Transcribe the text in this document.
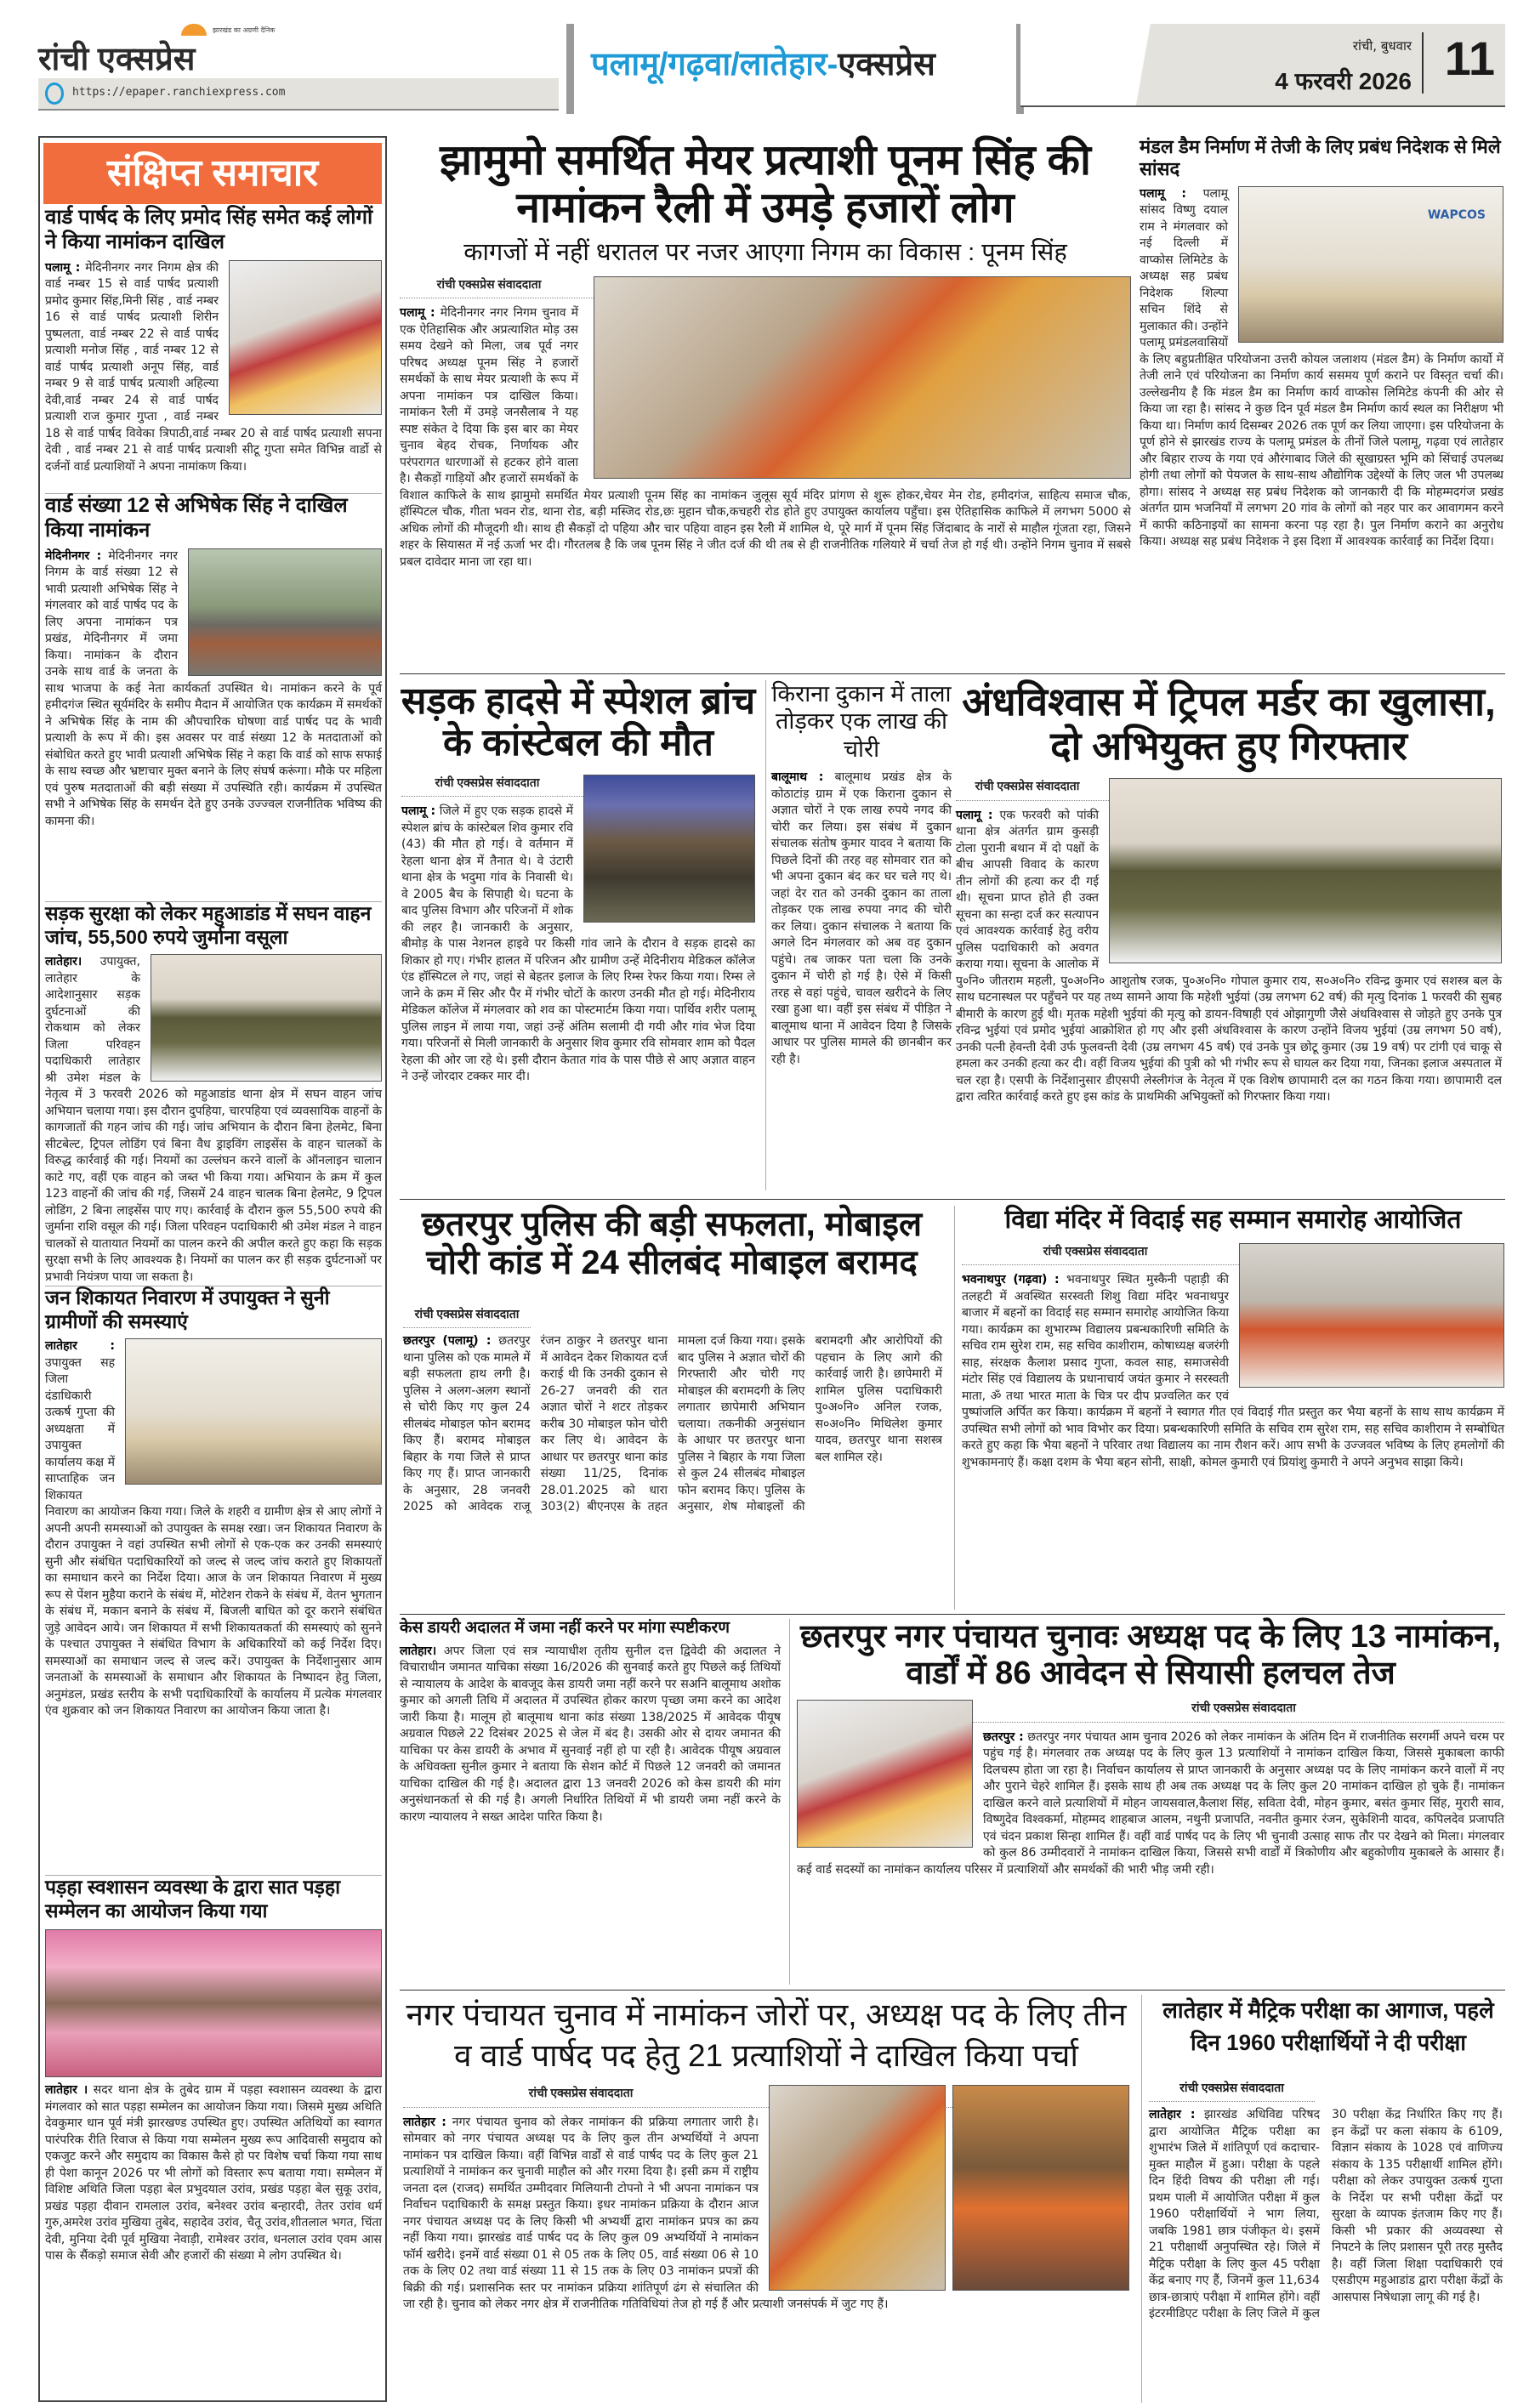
झारखंड का अग्रणी दैनिक
रांची एक्सप्रेस
https://epaper.ranchiexpress.com
पलामू/गढ़वा/लातेहार-एक्सप्रेस
रांची, बुधवार
4 फरवरी 2026 11
संक्षिप्त समाचार
वार्ड पार्षद के लिए प्रमोद सिंह समेत कई लोगों ने किया नामांकन दाखिल
पलामू : मेदिनीनगर नगर निगम क्षेत्र की वार्ड नम्बर 15 से वार्ड पार्षद प्रत्याशी प्रमोद कुमार सिंह,मिनी सिंह , वार्ड नम्बर 16 से वार्ड पार्षद प्रत्याशी शिरीन पुष्पलता, वार्ड नम्बर 22 से वार्ड पार्षद प्रत्याशी मनोज सिंह , वार्ड नम्बर 12 से वार्ड पार्षद प्रत्याशी अनूप सिंह, वार्ड नम्बर 9 से वार्ड पार्षद प्रत्याशी अहिल्या देवी,वार्ड नम्बर 24 से वार्ड पार्षद प्रत्याशी राज कुमार गुप्ता , वार्ड नम्बर 18 से वार्ड पार्षद विवेका त्रिपाठी,वार्ड नम्बर 20 से वार्ड पार्षद प्रत्याशी सपना देवी , वार्ड नम्बर 21 से वार्ड पार्षद प्रत्याशी सीटू गुप्ता समेत विभिन्न वार्डो से दर्जनों वार्ड प्रत्याशियों ने अपना नामांकण किया।
वार्ड संख्या 12 से अभिषेक सिंह ने दाखिल किया नामांकन
मेदिनीनगर : मेदिनीनगर नगर निगम के वार्ड संख्या 12 से भावी प्रत्याशी अभिषेक सिंह ने मंगलवार को वार्ड पार्षद पद के लिए अपना नामांकन पत्र प्रखंड, मेदिनीनगर में जमा किया। नामांकन के दौरान उनके साथ वार्ड के जनता के साथ भाजपा के कई नेता कार्यकर्ता उपस्थित थे। नामांकन करने के पूर्व हमीदगंज स्थित सूर्यमंदिर के समीप मैदान में आयोजित एक कार्यक्रम में समर्थकों ने अभिषेक सिंह के नाम की औपचारिक घोषणा वार्ड पार्षद पद के भावी प्रत्याशी के रूप में की। इस अवसर पर वार्ड संख्या 12 के मतदाताओं को संबोधित करते हुए भावी प्रत्याशी अभिषेक सिंह ने कहा कि वार्ड को साफ सफाई के साथ स्वच्छ और भ्रष्टाचार मुक्त बनाने के लिए संघर्ष करूंगा। मौके पर महिला एवं पुरुष मतदाताओं की बड़ी संख्या में उपस्थिति रही। कार्यक्रम में उपस्थित सभी ने अभिषेक सिंह के समर्थन देते हुए उनके उज्ज्वल राजनीतिक भविष्य की कामना की।
सड़क सुरक्षा को लेकर महुआडांड में सघन वाहन जांच, 55,500 रुपये जुर्माना वसूला
लातेहार। उपायुक्त, लातेहार के आदेशानुसार सड़क दुर्घटनाओं की रोकथाम को लेकर जिला परिवहन पदाधिकारी लातेहार श्री उमेश मंडल के नेतृत्व में 3 फरवरी 2026 को महुआडांड थाना क्षेत्र में सघन वाहन जांच अभियान चलाया गया। इस दौरान दुपहिया, चारपहिया एवं व्यवसायिक वाहनों के कागजातों की गहन जांच की गई। जांच अभियान के दौरान बिना हेलमेट, बिना सीटबेल्ट, ट्रिपल लोडिंग एवं बिना वैध ड्राइविंग लाइसेंस के वाहन चालकों के विरुद्ध कार्रवाई की गई। नियमों का उल्लंघन करने वालों के ऑनलाइन चालान काटे गए, वहीं एक वाहन को जब्त भी किया गया। अभियान के क्रम में कुल 123 वाहनों की जांच की गई, जिसमें 24 वाहन चालक बिना हेलमेट, 9 ट्रिपल लोडिंग, 2 बिना लाइसेंस पाए गए। कार्रवाई के दौरान कुल 55,500 रुपये की जुर्माना राशि वसूल की गई। जिला परिवहन पदाधिकारी श्री उमेश मंडल ने वाहन चालकों से यातायात नियमों का पालन करने की अपील करते हुए कहा कि सड़क सुरक्षा सभी के लिए आवश्यक है। नियमों का पालन कर ही सड़क दुर्घटनाओं पर प्रभावी नियंत्रण पाया जा सकता है।
जन शिकायत निवारण में उपायुक्त ने सुनी ग्रामीणों की समस्याएं
लातेहार : उपायुक्त सह जिला दंडाधिकारी उत्कर्ष गुप्ता की अध्यक्षता में उपायुक्त कार्यालय कक्ष में साप्ताहिक जन शिकायत निवारण का आयोजन किया गया। जिले के शहरी व ग्रामीण क्षेत्र से आए लोगों ने अपनी अपनी समस्याओं को उपायुक्त के समक्ष रखा। जन शिकायत निवारण के दौरान उपायुक्त ने वहां उपस्थित सभी लोगों से एक-एक कर उनकी समस्याएं सुनी और संबंधित पदाधिकारियों को जल्द से जल्द जांच कराते हुए शिकायतों का समाधान करने का निर्देश दिया। आज के जन शिकायत निवारण में मुख्य रूप से पेंशन मुहैया कराने के संबंध में, मोटेशन रोकने के संबंध में, वेतन भुगतान के संबंध में, मकान बनाने के संबंध में, बिजली बाधित को दूर कराने संबंधित जुड़े आवेदन आये। जन शिकायत में सभी शिकायतकर्ता की समस्याएं को सुनने के पश्चात उपायुक्त ने संबंधित विभाग के अधिकारियों को कई निर्देश दिए। समस्याओं का समाधान जल्द से जल्द करें। उपायुक्त के निर्देशानुसार आम जनताओं के समस्याओं के समाधान और शिकायत के निष्पादन हेतु जिला, अनुमंडल, प्रखंड स्तरीय के सभी पदाधिकारियों के कार्यालय में प्रत्येक मंगलवार एंव शुक्रवार को जन शिकायत निवारण का आयोजन किया जाता है।
पड़हा स्वशासन व्यवस्था के द्वारा सात पड़हा सम्मेलन का आयोजन किया गया
लातेहार । सदर थाना क्षेत्र के तुबेद ग्राम में पड़हा स्वशासन व्यवस्था के द्वारा मंगलवार को सात पड़हा सम्मेलन का आयोजन किया गया। जिसमे मुख्य अथिति देवकुमार धान पूर्व मंत्री झारखण्ड उपस्थित हुए। उपस्थित अतिथियों का स्वागत पारंपरिक रीति रिवाज से किया गया सम्मेलन मुख्य रूप आदिवासी समुदाय को एकजुट करने और समुदाय का विकास कैसे हो पर विशेष चर्चा किया गया साथ ही पेशा कानून 2026 पर भी लोगों को विस्तार रूप बताया गया। सम्मेलन में विशिष्ट अथिति जिला पड़हा बेल प्रभुदयाल उरांव, प्रखंड पड़हा बेल सुकू उरांव, प्रखंड पड़हा दीवान रामलाल उरांव, बनेश्वर उरांव बन्हारदी, तेतर उरांव धर्म गुरु,अमरेश उरांव मुखिया तुबेद, सहादेव उरांव, चैतू उरांव,शीतलाल भगत, चिंता देवी, मुनिया देवी पूर्व मुखिया नेवाड़ी, रामेश्वर उरांव, धनलाल उरांव एवम आस पास के सैंकड़ो समाज सेवी और हजारों की संख्या मे लोग उपस्थित थे।
झामुमो समर्थित मेयर प्रत्याशी पूनम सिंह की नामांकन रैली में उमड़े हजारों लोग
कागजों में नहीं धरातल पर नजर आएगा निगम का विकास : पूनम सिंह
रांची एक्सप्रेस संवाददाता
पलामू : मेदिनीनगर नगर निगम चुनाव में एक ऐतिहासिक और अप्रत्याशित मोड़ उस समय देखने को मिला, जब पूर्व नगर परिषद अध्यक्ष पूनम सिंह ने हजारों समर्थकों के साथ मेयर प्रत्याशी के रूप में अपना नामांकन पत्र दाखिल किया। नामांकन रैली में उमड़े जनसैलाब ने यह स्पष्ट संकेत दे दिया कि इस बार का मेयर चुनाव बेहद रोचक, निर्णायक और परंपरागत धारणाओं से हटकर होने वाला है। सैकड़ों गाड़ियों और हजारों समर्थकों के विशाल काफिले के साथ झामुमो समर्थित मेयर प्रत्याशी पूनम सिंह का नामांकन जुलूस सूर्य मंदिर प्रांगण से शुरू होकर,चेयर मेन रोड, हमीदगंज, साहित्य समाज चौक, हॉस्पिटल चौक, गीता भवन रोड, थाना रोड, बड़ी मस्जिद रोड,छः मुहान चौक,कचहरी रोड होते हुए उपायुक्त कार्यालय पहुँचा। इस ऐतिहासिक काफिले में लगभग 5000 से अधिक लोगों की मौजूदगी थी। साथ ही सैकड़ों दो पहिया और चार पहिया वाहन इस रैली में शामिल थे, पूरे मार्ग में पूनम सिंह जिंदाबाद के नारों से माहौल गूंजता रहा, जिसने शहर के सियासत में नई ऊर्जा भर दी। गौरतलब है कि जब पूनम सिंह ने जीत दर्ज की थी तब से ही राजनीतिक गलियारे में चर्चा तेज हो गई थी। उन्होंने निगम चुनाव में सबसे प्रबल दावेदार माना जा रहा था।
मंडल डैम निर्माण में तेजी के लिए प्रबंध निदेशक से मिले सांसद
WAPCOS
पलामू : पलामू सांसद विष्णु दयाल राम ने मंगलवार को नई दिल्ली में वाप्कोस लिमिटेड के अध्यक्ष सह प्रबंध निदेशक शिल्पा सचिन शिंदे से मुलाकात की। उन्होंने पलामू प्रमंडलवासियों के लिए बहुप्रतीक्षित परियोजना उत्तरी कोयल जलाशय (मंडल डैम) के निर्माण कार्यो में तेजी लाने एवं परियोजना का निर्माण कार्य ससमय पूर्ण कराने पर विस्तृत चर्चा की। उल्लेखनीय है कि मंडल डैम का निर्माण कार्य वाप्कोस लिमिटेड कंपनी की ओर से किया जा रहा है। सांसद ने कुछ दिन पूर्व मंडल डैम निर्माण कार्य स्थल का निरीक्षण भी किया था। निर्माण कार्य दिसम्बर 2026 तक पूर्ण कर लिया जाएगा। इस परियोजना के पूर्ण होने से झारखंड राज्य के पलामू प्रमंडल के तीनों जिले पलामू, गढ़वा एवं लातेहार और बिहार राज्य के गया एवं औरंगाबाद जिले की सूखाग्रस्त भूमि को सिंचाई उपलब्ध होगी तथा लोगों को पेयजल के साथ-साथ औद्योगिक उद्देश्यों के लिए जल भी उपलब्ध होगा। सांसद ने अध्यक्ष सह प्रबंध निदेशक को जानकारी दी कि मोहम्मदगंज प्रखंड अंतर्गत ग्राम भजनियाँ में लगभग 20 गांव के लोगों को नहर पार कर आवागमन करने में काफी कठिनाइयों का सामना करना पड़ रहा है। पुल निर्माण कराने का अनुरोध किया। अध्यक्ष सह प्रबंध निदेशक ने इस दिशा में आवश्यक कार्रवाई का निर्देश दिया।
सड़क हादसे में स्पेशल ब्रांच के कांस्टेबल की मौत
रांची एक्सप्रेस संवाददाता
पलामू : जिले में हुए एक सड़क हादसे में स्पेशल ब्रांच के कांस्टेबल शिव कुमार रवि (43) की मौत हो गई। वे वर्तमान में रेहला थाना क्षेत्र में तैनात थे। वे उंटारी थाना क्षेत्र के भदुमा गांव के निवासी थे। वे 2005 बैच के सिपाही थे। घटना के बाद पुलिस विभाग और परिजनों में शोक की लहर है। जानकारी के अनुसार, बीमोड़ के पास नेशनल हाइवे पर किसी गांव जाने के दौरान वे सड़क हादसे का शिकार हो गए। गंभीर हालत में परिजन और ग्रामीण उन्हें मेदिनीराय मेडिकल कॉलेज एंड हॉस्पिटल ले गए, जहां से बेहतर इलाज के लिए रिम्स रेफर किया गया। रिम्स ले जाने के क्रम में सिर और पैर में गंभीर चोटों के कारण उनकी मौत हो गई। मेदिनीराय मेडिकल कॉलेज में मंगलवार को शव का पोस्टमार्टम किया गया। पार्थिव शरीर पलामू पुलिस लाइन में लाया गया, जहां उन्हें अंतिम सलामी दी गयी और गांव भेज दिया गया। परिजनों से मिली जानकारी के अनुसार शिव कुमार रवि सोमवार शाम को पैदल रेहला की ओर जा रहे थे। इसी दौरान केतात गांव के पास पीछे से आए अज्ञात वाहन ने उन्हें जोरदार टक्कर मार दी।
किराना दुकान में ताला तोड़कर एक लाख की चोरी
बालूमाथ : बालूमाथ प्रखंड क्षेत्र के कोठाटांड़ ग्राम में एक किराना दुकान से अज्ञात चोरों ने एक लाख रुपये नगद की चोरी कर लिया। इस संबंध में दुकान संचालक संतोष कुमार यादव ने बताया कि पिछले दिनों की तरह वह सोमवार रात को भी अपना दुकान बंद कर घर चले गए थे। जहां देर रात को उनकी दुकान का ताला तोड़कर एक लाख रुपया नगद की चोरी कर लिया। दुकान संचालक ने बताया कि अगले दिन मंगलवार को अब वह दुकान पहुंचे। तब जाकर पता चला कि उनके दुकान में चोरी हो गई है। ऐसे में किसी तरह से वहां पहुंचे, चावल खरीदने के लिए रखा हुआ था। वहीं इस संबंध में पीड़ित ने बालूमाथ थाना में आवेदन दिया है जिसके आधार पर पुलिस मामले की छानबीन कर रही है।
अंधविश्वास में ट्रिपल मर्डर का खुलासा, दो अभियुक्त हुए गिरफ्तार
रांची एक्सप्रेस संवाददाता
पलामू : एक फरवरी को पांकी थाना क्षेत्र अंतर्गत ग्राम कुसड़ी टोला पुरानी बथान में दो पक्षों के बीच आपसी विवाद के कारण तीन लोगों की हत्या कर दी गई थी। सूचना प्राप्त होते ही उक्त सूचना का सन्हा दर्ज कर सत्यापन एवं आवश्यक कार्रवाई हेतु वरीय पुलिस पदाधिकारी को अवगत कराया गया। सूचना के आलोक में पु०नि० जीतराम महली, पु०अ०नि० आशुतोष रजक, पु०अ०नि० गोपाल कुमार राय, स०अ०नि० रविन्द्र कुमार एवं सशस्त्र बल के साथ घटनास्थल पर पहुँचने पर यह तथ्य सामने आया कि महेशी भुईयां (उम्र लगभग 62 वर्ष) की मृत्यु दिनांक 1 फरवरी की सुबह बीमारी के कारण हुई थी। मृतक महेशी भुईयां की मृत्यु को डायन-विषाही एवं ओझागुणी जैसे अंधविश्वास से जोड़ते हुए उनके पुत्र रविन्द्र भुईयां एवं प्रमोद भुईयां आक्रोशित हो गए और इसी अंधविश्वास के कारण उन्होंने विजय भुईयां (उम्र लगभग 50 वर्ष), उनकी पत्नी हेवन्ती देवी उर्फ फुलवन्ती देवी (उम्र लगभग 45 वर्ष) एवं उनके पुत्र छोटू कुमार (उम्र 19 वर्ष) पर टांगी एवं चाकू से हमला कर उनकी हत्या कर दी। वहीं विजय भुईयां की पुत्री को भी गंभीर रूप से घायल कर दिया गया, जिनका इलाज अस्पताल में चल रहा है। एसपी के निर्देशानुसार डीएसपी लेस्लीगंज के नेतृत्व में एक विशेष छापामारी दल का गठन किया गया। छापामारी दल द्वारा त्वरित कार्रवाई करते हुए इस कांड के प्राथमिकी अभियुक्तों को गिरफ्तार किया गया।
छतरपुर पुलिस की बड़ी सफलता, मोबाइल चोरी कांड में 24 सीलबंद मोबाइल बरामद
रांची एक्सप्रेस संवाददाता
छतरपुर (पलामू) : छतरपुर थाना पुलिस को एक मामले में बड़ी सफलता हाथ लगी है। पुलिस ने अलग-अलग स्थानों से चोरी किए गए कुल 24 सीलबंद मोबाइल फोन बरामद किए हैं। बरामद मोबाइल बिहार के गया जिले से प्राप्त किए गए हैं। प्राप्त जानकारी के अनुसार, 28 जनवरी 2025 को आवेदक राजू रंजन ठाकुर ने छतरपुर थाना में आवेदन देकर शिकायत दर्ज कराई थी कि उनकी दुकान से 26-27 जनवरी की रात अज्ञात चोरों ने शटर तोड़कर करीब 30 मोबाइल फोन चोरी कर लिए थे। आवेदन के आधार पर छतरपुर थाना कांड संख्या 11/25, दिनांक 28.01.2025 को धारा 303(2) बीएनएस के तहत मामला दर्ज किया गया। इसके बाद पुलिस ने अज्ञात चोरों की गिरफ्तारी और चोरी गए मोबाइल की बरामदगी के लिए लगातार छापेमारी अभियान चलाया। तकनीकी अनुसंधान के आधार पर छतरपुर थाना पुलिस ने बिहार के गया जिला से कुल 24 सीलबंद मोबाइल फोन बरामद किए। पुलिस के अनुसार, शेष मोबाइलों की बरामदगी और आरोपियों की पहचान के लिए आगे की कार्रवाई जारी है। छापेमारी में शामिल पुलिस पदाधिकारी पु०अ०नि० अनिल रजक, स०अ०नि० मिथिलेश कुमार यादव, छतरपुर थाना सशस्त्र बल शामिल रहे।
विद्या मंदिर में विदाई सह सम्मान समारोह आयोजित
रांची एक्सप्रेस संवाददाता
भवनाथपुर (गढ़वा) : भवनाथपुर स्थित मुस्कैनी पहाड़ी की तलहटी में अवस्थित सरस्वती शिशु विद्या मंदिर भवनाथपुर बाजार में बहनों का विदाई सह सम्मान समारोह आयोजित किया गया। कार्यक्रम का शुभारम्भ विद्यालय प्रबन्धकारिणी समिति के सचिव राम सुरेश राम, सह सचिव काशीराम, कोषाध्यक्ष बजरंगी साह, संरक्षक कैलाश प्रसाद गुप्ता, कवल साह, समाजसेवी मंटोर सिंह एवं विद्यालय के प्रधानाचार्य जयंत कुमार ने सरस्वती माता, ॐ तथा भारत माता के चित्र पर दीप प्रज्वलित कर एवं पुष्पांजलि अर्पित कर किया। कार्यक्रम में बहनों ने स्वागत गीत एवं विदाई गीत प्रस्तुत कर भैया बहनों के साथ साथ कार्यक्रम में उपस्थित सभी लोगों को भाव विभोर कर दिया। प्रबन्धकारिणी समिति के सचिव राम सुरेश राम, सह सचिव काशीराम ने सम्बोधित करते हुए कहा कि भैया बहनों ने परिवार तथा विद्यालय का नाम रौशन करें। आप सभी के उज्जवल भविष्य के लिए हमलोगों की शुभकामनाएं हैं। कक्षा दशम के भैया बहन सोनी, साक्षी, कोमल कुमारी एवं प्रियांशु कुमारी ने अपने अनुभव साझा किये।
केस डायरी अदालत में जमा नहीं करने पर मांगा स्पष्टीकरण
लातेहार। अपर जिला एवं सत्र न्यायाधीश तृतीय सुनील दत्त द्विवेदी की अदालत ने विचाराधीन जमानत याचिका संख्या 16/2026 की सुनवाई करते हुए पिछले कई तिथियों से न्यायालय के आदेश के बावजूद केस डायरी जमा नहीं करने पर सअनि बालूमाथ अशोक कुमार को अगली तिथि में अदालत में उपस्थित होकर कारण पृच्छा जमा करने का आदेश जारी किया है। मालूम हो बालूमाथ थाना कांड संख्या 138/2025 में आवेदक पीयूष अग्रवाल पिछले 22 दिसंबर 2025 से जेल में बंद है। उसकी ओर से दायर जमानत की याचिका पर केस डायरी के अभाव में सुनवाई नहीं हो पा रही है। आवेदक पीयूष अग्रवाल के अधिवक्ता सुनील कुमार ने बताया कि सेशन कोर्ट में पिछले 12 जनवरी को जमानत याचिका दाखिल की गई है। अदालत द्वारा 13 जनवरी 2026 को केस डायरी की मांग अनुसंधानकर्ता से की गई है। अगली निर्धारित तिथियों में भी डायरी जमा नहीं करने के कारण न्यायालय ने सख्त आदेश पारित किया है।
छतरपुर नगर पंचायत चुनावः अध्यक्ष पद के लिए 13 नामांकन, वार्डों में 86 आवेदन से सियासी हलचल तेज
रांची एक्सप्रेस संवाददाता
छतरपुर : छतरपुर नगर पंचायत आम चुनाव 2026 को लेकर नामांकन के अंतिम दिन में राजनीतिक सरगर्मी अपने चरम पर पहुंच गई है। मंगलवार तक अध्यक्ष पद के लिए कुल 13 प्रत्याशियों ने नामांकन दाखिल किया, जिससे मुकाबला काफी दिलचस्प होता जा रहा है। निर्वाचन कार्यालय से प्राप्त जानकारी के अनुसार अध्यक्ष पद के लिए नामांकन करने वालों में नए और पुराने चेहरे शामिल हैं। इसके साथ ही अब तक अध्यक्ष पद के लिए कुल 20 नामांकन दाखिल हो चुके हैं। नामांकन दाखिल करने वाले प्रत्याशियों में मोहन जायसवाल,कैलाश सिंह, सविता देवी, मोहन कुमार, बसंत कुमार सिंह, मुरारी साव, विष्णुदेव विश्वकर्मा, मोहम्मद शाहबाज आलम, नथुनी प्रजापति, नवनीत कुमार रंजन, सुकेशिनी यादव, कपिलदेव प्रजापति एवं चंदन प्रकाश सिन्हा शामिल हैं। वहीं वार्ड पार्षद पद के लिए भी चुनावी उत्साह साफ तौर पर देखने को मिला। मंगलवार को कुल 86 उम्मीदवारों ने नामांकन दाखिल किया, जिससे सभी वार्डों में त्रिकोणीय और बहुकोणीय मुकाबले के आसार हैं। कई वार्ड सदस्यों का नामांकन कार्यालय परिसर में प्रत्याशियों और समर्थकों की भारी भीड़ जमी रही।
नगर पंचायत चुनाव में नामांकन जोरों पर, अध्यक्ष पद के लिए तीन व वार्ड पार्षद पद हेतु 21 प्रत्याशियों ने दाखिल किया पर्चा
रांची एक्सप्रेस संवाददाता
लातेहार : नगर पंचायत चुनाव को लेकर नामांकन की प्रक्रिया लगातार जारी है। सोमवार को नगर पंचायत अध्यक्ष पद के लिए कुल तीन अभ्यर्थियों ने अपना नामांकन पत्र दाखिल किया। वहीं विभिन्न वार्डों से वार्ड पार्षद पद के लिए कुल 21 प्रत्याशियों ने नामांकन कर चुनावी माहौल को और गरमा दिया है। इसी क्रम में राष्ट्रीय जनता दल (राजद) समर्थित उम्मीदवार मिलियानी टोपनो ने भी अपना नामांकन पत्र निर्वाचन पदाधिकारी के समक्ष प्रस्तुत किया। इधर नामांकन प्रक्रिया के दौरान आज नगर पंचायत अध्यक्ष पद के लिए किसी भी अभ्यर्थी द्वारा नामांकन प्रपत्र का क्रय नहीं किया गया। झारखंड वार्ड पार्षद पद के लिए कुल 09 अभ्यर्थियों ने नामांकन फॉर्म खरीदे। इनमें वार्ड संख्या 01 से 05 तक के लिए 05, वार्ड संख्या 06 से 10 तक के लिए 02 तथा वार्ड संख्या 11 से 15 तक के लिए 03 नामांकन प्रपत्रों की बिक्री की गई। प्रशासनिक स्तर पर नामांकन प्रक्रिया शांतिपूर्ण ढंग से संचालित की जा रही है। चुनाव को लेकर नगर क्षेत्र में राजनीतिक गतिविधियां तेज हो गई हैं और प्रत्याशी जनसंपर्क में जुट गए हैं।
लातेहार में मैट्रिक परीक्षा का आगाज, पहले दिन 1960 परीक्षार्थियों ने दी परीक्षा
रांची एक्सप्रेस संवाददाता
लातेहार : झारखंड अधिविद्य परिषद द्वारा आयोजित मैट्रिक परीक्षा का शुभारंभ जिले में शांतिपूर्ण एवं कदाचार-मुक्त माहौल में हुआ। परीक्षा के पहले दिन हिंदी विषय की परीक्षा ली गई। प्रथम पाली में आयोजित परीक्षा में कुल 1960 परीक्षार्थियों ने भाग लिया, जबकि 1981 छात्र पंजीकृत थे। इसमें 21 परीक्षार्थी अनुपस्थित रहे। जिले में मैट्रिक परीक्षा के लिए कुल 45 परीक्षा केंद्र बनाए गए हैं, जिनमें कुल 11,634 छात्र-छात्राएं परीक्षा में शामिल होंगे। वहीं इंटरमीडिएट परीक्षा के लिए जिले में कुल 30 परीक्षा केंद्र निर्धारित किए गए हैं। इन केंद्रों पर कला संकाय के 6109, विज्ञान संकाय के 1028 एवं वाणिज्य संकाय के 135 परीक्षार्थी शामिल होंगे। परीक्षा को लेकर उपायुक्त उत्कर्ष गुप्ता के निर्देश पर सभी परीक्षा केंद्रों पर सुरक्षा के व्यापक इंतजाम किए गए हैं। किसी भी प्रकार की अव्यवस्था से निपटने के लिए प्रशासन पूरी तरह मुस्तैद है। वहीं जिला शिक्षा पदाधिकारी एवं एसडीएम महुआडांड द्वारा परीक्षा केंद्रों के आसपास निषेधाज्ञा लागू की गई है।
